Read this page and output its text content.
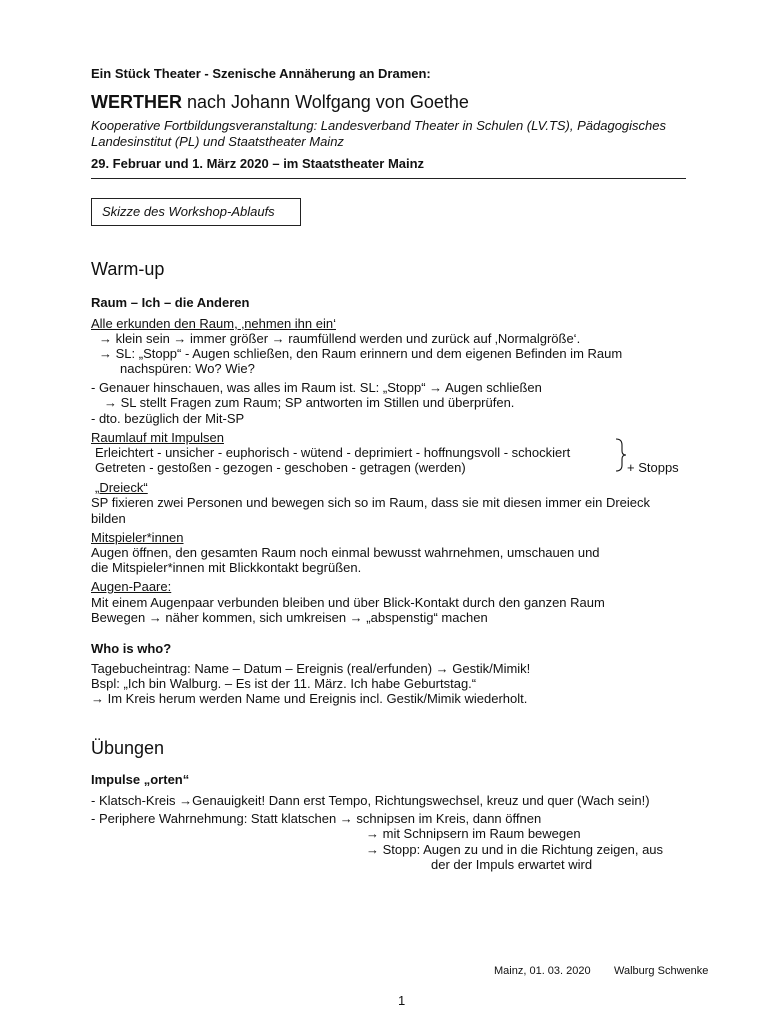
Ein Stück Theater - Szenische Annäherung an Dramen:
WERTHER nach Johann Wolfgang von Goethe
Kooperative Fortbildungsveranstaltung: Landesverband Theater in Schulen (LV.TS), Pädagogisches
Landesinstitut (PL) und Staatstheater Mainz
29. Februar und 1. März 2020 – im Staatstheater Mainz
Skizze des Workshop-Ablaufs
Warm-up
Raum – Ich – die Anderen
Alle erkunden den Raum, ‚nehmen ihn ein‘
→ klein sein → immer größer → raumfüllend werden und zurück auf ‚Normalgröße‘.
→ SL: „Stopp“ - Augen schließen, den Raum erinnern und dem eigenen Befinden im Raum
nachspüren: Wo? Wie?
- Genauer hinschauen, was alles im Raum ist. SL: „Stopp“ → Augen schließen
→ SL stellt Fragen zum Raum; SP antworten im Stillen und überprüfen.
- dto. bezüglich der Mit-SP
Raumlauf mit Impulsen
Erleichtert - unsicher - euphorisch - wütend - deprimiert - hoffnungsvoll - schockiert
Getreten - gestoßen - gezogen - geschoben - getragen (werden)	+ Stopps
„Dreieck“
SP fixieren zwei Personen und bewegen sich so im Raum, dass sie mit diesen immer ein Dreieck
bilden
Mitspieler*innen
Augen öffnen, den gesamten Raum noch einmal bewusst wahrnehmen, umschauen und
die Mitspieler*innen mit Blickkontakt begrüßen.
Augen-Paare:
Mit einem Augenpaar verbunden bleiben und über Blick-Kontakt durch den ganzen Raum
Bewegen → näher kommen, sich umkreisen → „abspenstig“ machen
Who is who?
Tagebucheintrag: Name – Datum – Ereignis (real/erfunden) → Gestik/Mimik!
Bspl: „Ich bin Walburg. – Es ist der 11. März. Ich habe Geburtstag.“
→ Im Kreis herum werden Name und Ereignis incl. Gestik/Mimik wiederholt.
Übungen
Impulse „orten“
- Klatsch-Kreis →Genauigkeit! Dann erst Tempo, Richtungswechsel, kreuz und quer (Wach sein!)
- Periphere Wahrnehmung: Statt klatschen → schnipsen im Kreis, dann öffnen
→ mit Schnipsern im Raum bewegen
→ Stopp: Augen zu und in die Richtung zeigen, aus
der der Impuls erwartet wird
Mainz, 01. 03. 2020 Walburg Schwenke
1
